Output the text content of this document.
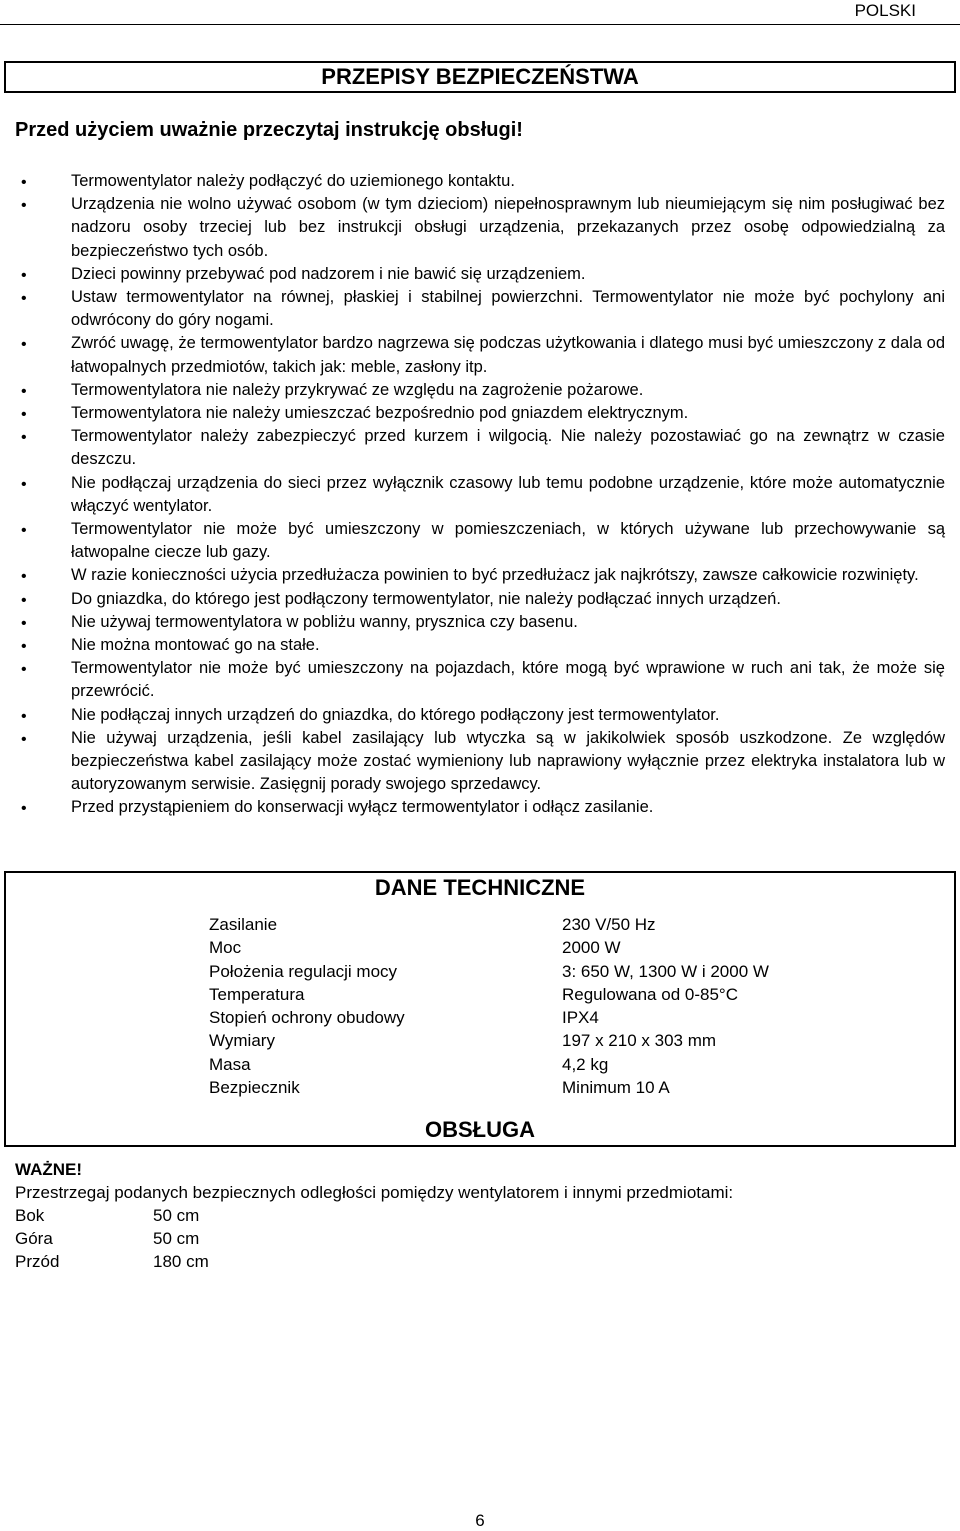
POLSKI
PRZEPISY BEZPIECZEŃSTWA
Przed użyciem uważnie przeczytaj instrukcję obsługi!
•	Termowentylator należy podłączyć do uziemionego kontaktu.
•	Urządzenia nie wolno używać osobom (w tym dzieciom) niepełnosprawnym lub nieumiejącym się nim posługiwać bez nadzoru osoby trzeciej lub bez instrukcji obsługi urządzenia, przekazanych przez osobę odpowiedzialną za bezpieczeństwo tych osób.
•	Dzieci powinny przebywać pod nadzorem i nie bawić się urządzeniem.
•	Ustaw termowentylator na równej, płaskiej i stabilnej powierzchni. Termowentylator nie może być pochylony ani odwrócony do góry nogami.
•	Zwróć uwagę, że termowentylator bardzo nagrzewa się podczas użytkowania i dlatego musi być umieszczony z dala od łatwopalnych przedmiotów, takich jak: meble, zasłony itp.
•	Termowentylatora nie należy przykrywać ze względu na zagrożenie pożarowe.
•	Termowentylatora nie należy umieszczać bezpośrednio pod gniazdem elektrycznym.
•	Termowentylator należy zabezpieczyć przed kurzem i wilgocią. Nie należy pozostawiać go na zewnątrz w czasie deszczu.
•	Nie podłączaj urządzenia do sieci przez wyłącznik czasowy lub temu podobne urządzenie, które może automatycznie włączyć wentylator.
•	Termowentylator nie może być umieszczony w pomieszczeniach, w których używane lub przechowywanie są łatwopalne ciecze lub gazy.
•	W razie konieczności użycia przedłużacza powinien to być przedłużacz jak najkrótszy, zawsze całkowicie rozwinięty.
•	Do gniazdka, do którego jest podłączony termowentylator, nie należy podłączać innych urządzeń.
•	Nie używaj termowentylatora w pobliżu wanny, prysznica czy basenu.
•	Nie można montować go na stałe.
•	Termowentylator nie może być umieszczony na pojazdach, które mogą być wprawione w ruch ani tak, że może się przewrócić.
•	Nie podłączaj innych urządzeń do gniazdka, do którego podłączony jest termowentylator.
•	Nie używaj urządzenia, jeśli kabel zasilający lub wtyczka są w jakikolwiek sposób uszkodzone. Ze względów bezpieczeństwa kabel zasilający może zostać wymieniony lub naprawiony wyłącznie przez elektryka instalatora lub w autoryzowanym serwisie. Zasięgnij porady swojego sprzedawcy.
•	Przed przystąpieniem do konserwacji wyłącz termowentylator i odłącz zasilanie.
DANE TECHNICZNE
Zasilanie	230 V/50 Hz
Moc	2000 W
Położenia regulacji mocy	3: 650 W, 1300 W i 2000 W
Temperatura	Regulowana od 0-85°C
Stopień ochrony obudowy	IPX4
Wymiary	197 x 210 x 303 mm
Masa	4,2 kg
Bezpiecznik	Minimum 10 A
OBSŁUGA
WAŻNE!
Przestrzegaj podanych bezpiecznych odległości pomiędzy wentylatorem i innymi przedmiotami:
Bok	50 cm
Góra	50 cm
Przód	180 cm
6
